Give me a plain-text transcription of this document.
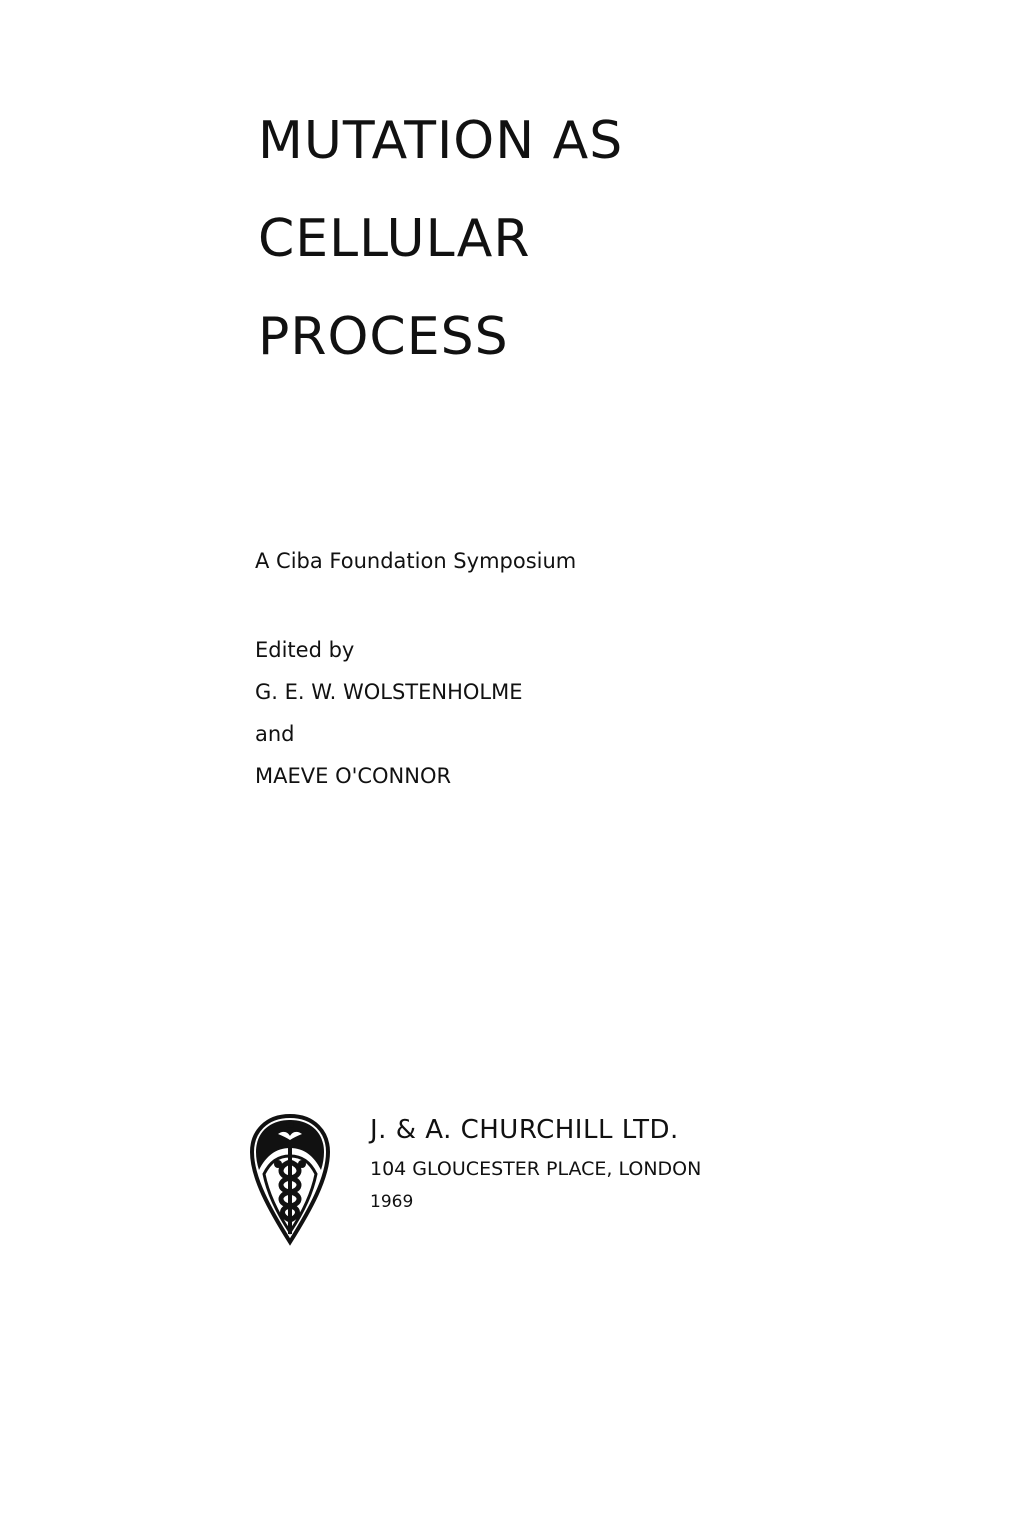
MUTATION AS
CELLULAR
PROCESS
A Ciba Foundation Symposium
Edited by
G. E. W. WOLSTENHOLME
and
MAEVE O'CONNOR
J. & A. CHURCHILL LTD.
104 GLOUCESTER PLACE, LONDON
1969
